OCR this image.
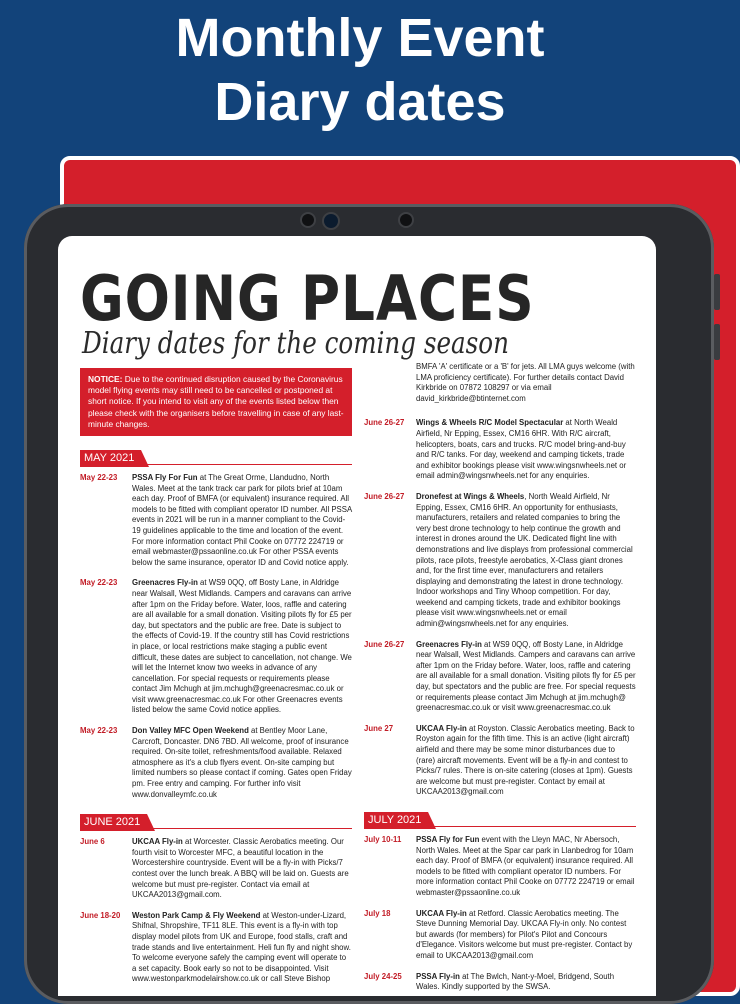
Monthly Event
Diary dates
GOING PLACES
Diary dates for the coming season
NOTICE: Due to the continued disruption caused by the Coronavirus model flying events may still need to be cancelled or postponed at short notice. If you intend to visit any of the events listed below then please check with the organisers before travelling in case of any last-minute changes.
MAY 2021
May 22-23	PSSA Fly For Fun at The Great Orme, Llandudno, North Wales. Meet at the tank track car park for pilots brief at 10am each day. Proof of BMFA (or equivalent) insurance required. All models to be fitted with compliant operator ID number. All PSSA events in 2021 will be run in a manner compliant to the Covid-19 guidelines applicable to the time and location of the event. For more information contact Phil Cooke on 07772 224719 or email webmaster@pssaonline.co.uk For other PSSA events below the same insurance, operator ID and Covid notice apply.
May 22-23	Greenacres Fly-in at WS9 0QQ, off Bosty Lane, in Aldridge near Walsall, West Midlands. Campers and caravans can arrive after 1pm on the Friday before. Water, loos, raffle and catering are all available for a small donation. Visiting pilots fly for £5 per day, but spectators and the public are free. Date is subject to the effects of Covid-19. If the country still has Covid restrictions in place, or local restrictions make staging a public event difficult, these dates are subject to cancellation, not change. We will let the Internet know two weeks in advance of any cancellation. For special requests or requirements please contact Jim Mchugh at jim.mchugh@greenacresmac.co.uk or visit www.greenacresmac.co.uk For other Greenacres events listed below the same Covid notice applies.
May 22-23	Don Valley MFC Open Weekend at Bentley Moor Lane, Carcroft, Doncaster. DN6 7BD. All welcome, proof of insurance required. On-site toilet, refreshments/food available. Relaxed atmosphere as it's a club flyers event. On-site camping but limited numbers so please contact if coming. Gates open Friday pm. Free entry and camping. For further info visit www.donvalleymfc.co.uk
JUNE 2021
June 6	UKCAA Fly-in at Worcester. Classic Aerobatics meeting. Our fourth visit to Worcester MFC, a beautiful location in the Worcestershire countryside. Event will be a fly-in with Picks/7 contest over the lunch break. A BBQ will be laid on. Guests are welcome but must pre-register. Contact via email at UKCAA2013@gmail.com.
June 18-20	Weston Park Camp & Fly Weekend at Weston-under-Lizard, Shifnal, Shropshire, TF11 8LE. This event is a fly-in with top display model pilots from UK and Europe, food stalls, craft and trade stands and live entertainment. Heli fun fly and night show. To welcome everyone safely the camping event will operate to a set capacity. Book early so not to be disappointed. Visit www.westonparkmodelairshow.co.uk or call Steve Bishop
BMFA 'A' certificate or a 'B' for jets. All LMA guys welcome (with LMA proficiency certificate). For further details contact David Kirkbride on 07872 108297 or via email david_kirkbride@btinternet.com
June 26-27	Wings & Wheels R/C Model Spectacular at North Weald Airfield, Nr Epping, Essex, CM16 6HR. With R/C aircraft, helicopters, boats, cars and trucks. R/C model bring-and-buy and R/C tanks. For day, weekend and camping tickets, trade and exhibitor bookings please visit www.wingsnwheels.net or email admin@wingsnwheels.net for any enquiries.
June 26-27	Dronefest at Wings & Wheels, North Weald Airfield, Nr Epping, Essex, CM16 6HR. An opportunity for enthusiasts, manufacturers, retailers and related companies to bring the very best drone technology to help continue the growth and interest in drones around the UK. Dedicated flight line with demonstrations and live displays from professional commercial pilots, race pilots, freestyle aerobatics, X-Class giant drones and, for the first time ever, manufacturers and retailers displaying and demonstrating the latest in drone technology. Indoor workshops and Tiny Whoop competition. For day, weekend and camping tickets, trade and exhibitor bookings please visit www.wingsnwheels.net or email admin@wingsnwheels.net for any enquiries.
June 26-27	Greenacres Fly-in at WS9 0QQ, off Bosty Lane, in Aldridge near Walsall, West Midlands. Campers and caravans can arrive after 1pm on the Friday before. Water, loos, raffle and catering are all available for a small donation. Visiting pilots fly for £5 per day, but spectators and the public are free. For special requests or requirements please contact Jim Mchugh at jim.mchugh@ greenacresmac.co.uk or visit www.greenacresmac.co.uk
June 27	UKCAA Fly-in at Royston. Classic Aerobatics meeting. Back to Royston again for the fifth time. This is an active (light aircraft) airfield and there may be some minor disturbances due to (rare) aircraft movements. Event will be a fly-in and contest to Picks/7 rules. There is on-site catering (closes at 1pm). Guests are welcome but must pre-register. Contact by email at UKCAA2013@gmail.com
JULY 2021
July 10-11	PSSA Fly for Fun event with the Lleyn MAC, Nr Abersoch, North Wales. Meet at the Spar car park in Llanbedrog for 10am each day. Proof of BMFA (or equivalent) insurance required. All models to be fitted with compliant operator ID numbers. For more information contact Phil Cooke on 07772 224719 or email webmaster@pssaonline.co.uk
July 18	UKCAA Fly-in at Retford. Classic Aerobatics meeting. The Steve Dunning Memorial Day. UKCAA Fly-in only. No contest but awards (for members) for Pilot's Pilot and Concours d'Elegance. Visitors welcome but must pre-register. Contact by email to UKCAA2013@gmail.com
July 24-25	PSSA Fly-in at The Bwlch, Nant-y-Moel, Bridgend, South Wales. Kindly supported by the SWSA.
